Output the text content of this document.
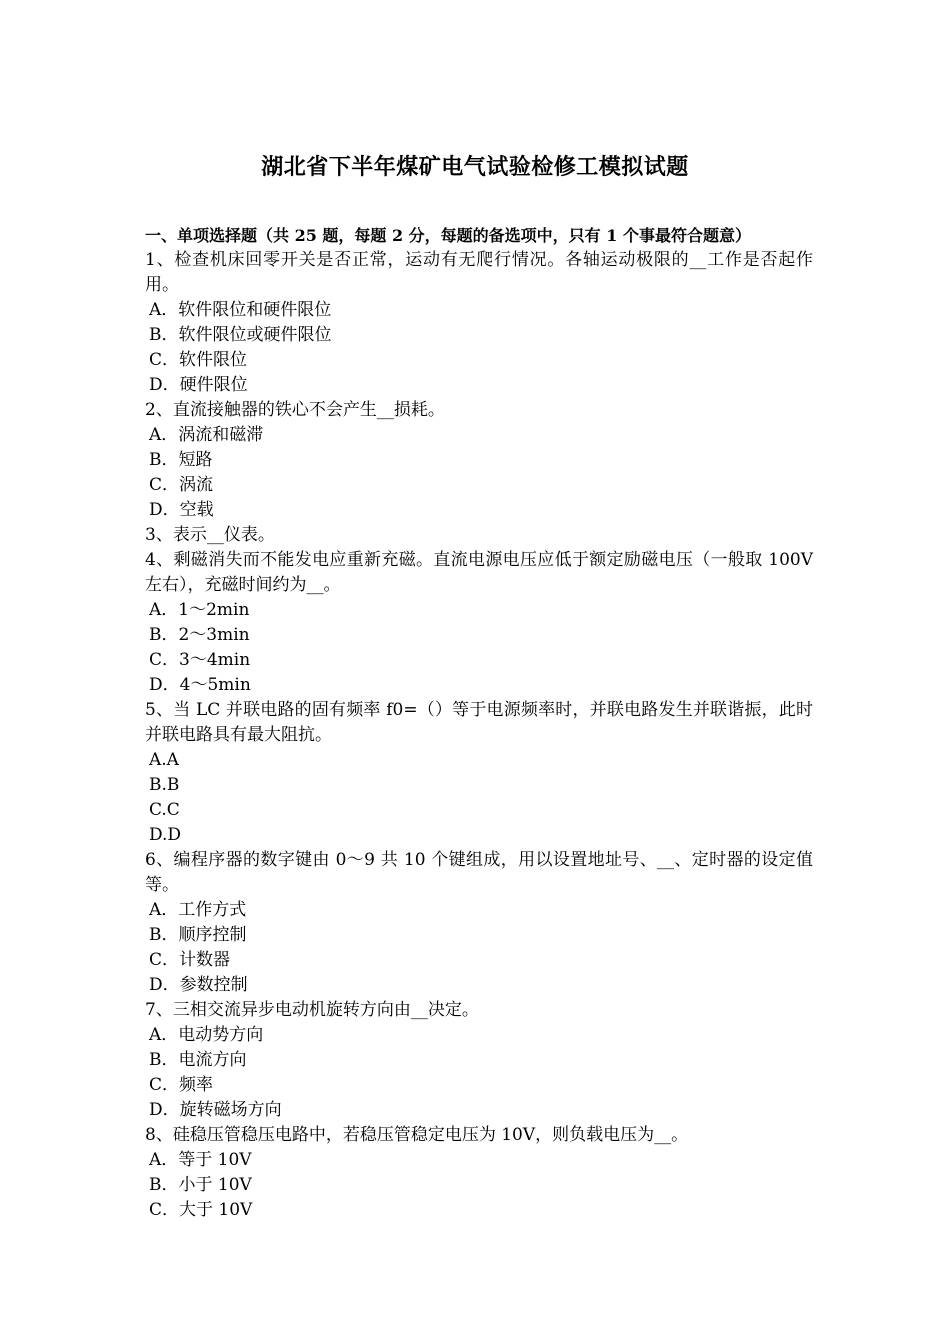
湖北省下半年煤矿电气试验检修工模拟试题
一、单项选择题（共 25 题，每题 2 分，每题的备选项中，只有 1 个事最符合题意）
1、检查机床回零开关是否正常，运动有无爬行情况。各轴运动极限的__工作是否起作用。
A．软件限位和硬件限位
B．软件限位或硬件限位
C．软件限位
D．硬件限位
2、直流接触器的铁心不会产生__损耗。
A．涡流和磁滞
B．短路
C．涡流
D．空载
3、表示__仪表。
4、剩磁消失而不能发电应重新充磁。直流电源电压应低于额定励磁电压（一般取 100V 左右），充磁时间约为__。
A．1～2min
B．2～3min
C．3～4min
D．4～5min
5、当 LC 并联电路的固有频率 f0=（）等于电源频率时，并联电路发生并联谐振，此时并联电路具有最大阻抗。
A.A
B.B
C.C
D.D
6、编程序器的数字键由 0～9 共 10 个键组成，用以设置地址号、__、定时器的设定值等。
A．工作方式
B．顺序控制
C．计数器
D．参数控制
7、三相交流异步电动机旋转方向由__决定。
A．电动势方向
B．电流方向
C．频率
D．旋转磁场方向
8、硅稳压管稳压电路中，若稳压管稳定电压为 10V，则负载电压为__。
A．等于 10V
B．小于 10V
C．大于 10V
